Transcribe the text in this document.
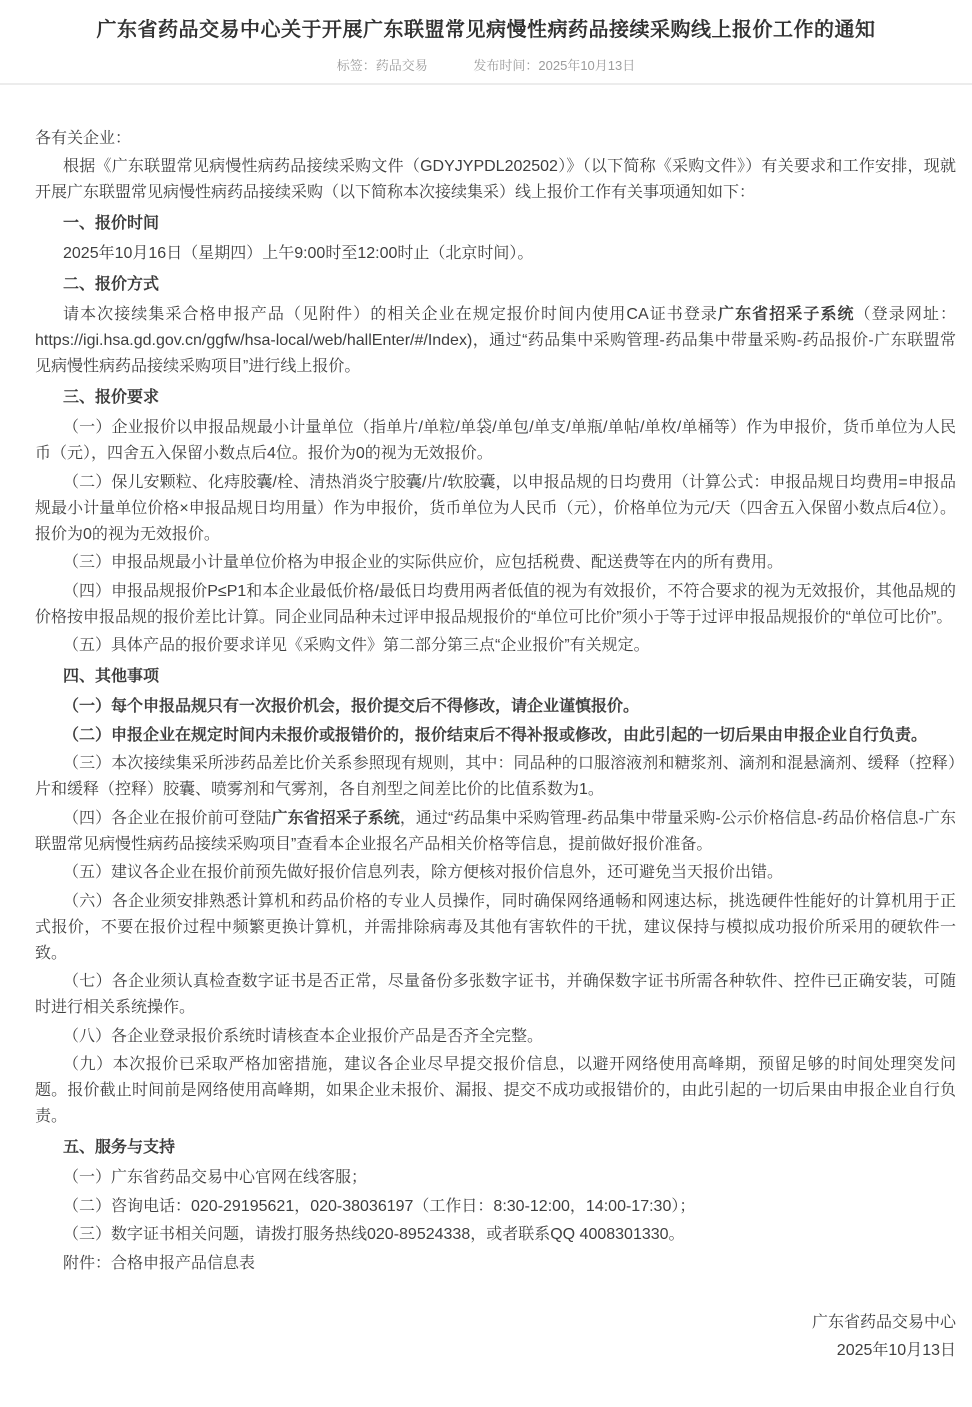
广东省药品交易中心关于开展广东联盟常见病慢性病药品接续采购线上报价工作的通知
标签：药品交易	发布时间：2025年10月13日

各有关企业：

根据《广东联盟常见病慢性病药品接续采购文件（GDYJYPDL202502）》（以下简称《采购文件》）有关要求和工作安排，现就开展广东联盟常见病慢性病药品接续采购（以下简称本次接续集采）线上报价工作有关事项通知如下：

一、报价时间

2025年10月16日（星期四）上午9:00时至12:00时止（北京时间）。

二、报价方式

请本次接续集采合格申报产品（见附件）的相关企业在规定报价时间内使用CA证书登录广东省招采子系统（登录网址：https://igi.hsa.gd.gov.cn/ggfw/hsa-local/web/hallEnter/#/Index)，通过“药品集中采购管理-药品集中带量采购-药品报价-广东联盟常见病慢性病药品接续采购项目”进行线上报价。

三、报价要求

（一）企业报价以申报品规最小计量单位（指单片/单粒/单袋/单包/单支/单瓶/单帖/单枚/单桶等）作为申报价，货币单位为人民币（元），四舍五入保留小数点后4位。报价为0的视为无效报价。

（二）保儿安颗粒、化痔胶囊/栓、清热消炎宁胶囊/片/软胶囊，以申报品规的日均费用（计算公式：申报品规日均费用=申报品规最小计量单位价格×申报品规日均用量）作为申报价，货币单位为人民币（元），价格单位为元/天（四舍五入保留小数点后4位）。报价为0的视为无效报价。

（三）申报品规最小计量单位价格为申报企业的实际供应价，应包括税费、配送费等在内的所有费用。

（四）申报品规报价P≤P1和本企业最低价格/最低日均费用两者低值的视为有效报价，不符合要求的视为无效报价，其他品规的价格按申报品规的报价差比计算。同企业同品种未过评申报品规报价的“单位可比价”须小于等于过评申报品规报价的“单位可比价”。

（五）具体产品的报价要求详见《采购文件》第二部分第三点“企业报价”有关规定。

四、其他事项

（一）每个申报品规只有一次报价机会，报价提交后不得修改，请企业谨慎报价。

（二）申报企业在规定时间内未报价或报错价的，报价结束后不得补报或修改，由此引起的一切后果由申报企业自行负责。

（三）本次接续集采所涉药品差比价关系参照现有规则，其中：同品种的口服溶液剂和糖浆剂、滴剂和混悬滴剂、缓释（控释）片和缓释（控释）胶囊、喷雾剂和气雾剂，各自剂型之间差比价的比值系数为1。

（四）各企业在报价前可登陆广东省招采子系统，通过“药品集中采购管理-药品集中带量采购-公示价格信息-药品价格信息-广东联盟常见病慢性病药品接续采购项目”查看本企业报名产品相关价格等信息，提前做好报价准备。

（五）建议各企业在报价前预先做好报价信息列表，除方便核对报价信息外，还可避免当天报价出错。

（六）各企业须安排熟悉计算机和药品价格的专业人员操作，同时确保网络通畅和网速达标，挑选硬件性能好的计算机用于正式报价，不要在报价过程中频繁更换计算机，并需排除病毒及其他有害软件的干扰，建议保持与模拟成功报价所采用的硬软件一致。

（七）各企业须认真检查数字证书是否正常，尽量备份多张数字证书，并确保数字证书所需各种软件、控件已正确安装，可随时进行相关系统操作。

（八）各企业登录报价系统时请核查本企业报价产品是否齐全完整。

（九）本次报价已采取严格加密措施，建议各企业尽早提交报价信息，以避开网络使用高峰期，预留足够的时间处理突发问题。报价截止时间前是网络使用高峰期，如果企业未报价、漏报、提交不成功或报错价的，由此引起的一切后果由申报企业自行负责。

五、服务与支持

（一）广东省药品交易中心官网在线客服；

（二）咨询电话：020-29195621，020-38036197（工作日：8:30-12:00，14:00-17:30）；

（三）数字证书相关问题，请拨打服务热线020-89524338，或者联系QQ 4008301330。

附件：合格申报产品信息表

广东省药品交易中心

2025年10月13日
